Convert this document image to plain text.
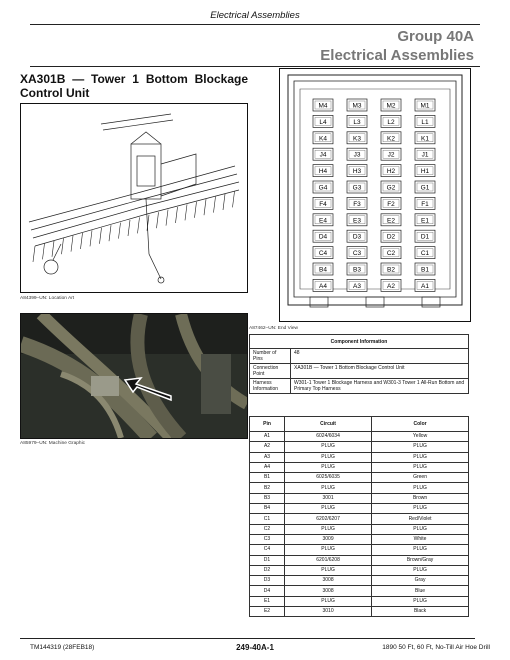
Electrical Assemblies
Group 40A
Electrical Assemblies
XA301B — Tower 1 Bottom Blockage Control Unit
A84399–UN: Location Art
A85979–UN: Machine Graphic
M4	M3	M2	M1
L4	L3	L2	L1
K4	K3	K2	K1
J4	J3	J2	J1
H4	H3	H2	H1
G4	G3	G2	G1
F4	F3	F2	F1
E4	E3	E2	E1
D4	D3	D2	D1
C4	C3	C2	C1
B4	B3	B2	B1
A4	A3	A2	A1
A87462–UN: End View
Component Information	
Number of Pins	48
Connection Point	XA301B — Tower 1 Bottom Blockage Control Unit
Harness Information	W301-1 Tower 1 Blockage Harness and W301-3 Tower 1 All-Run Bottom and Primary Top Harness
Pin	Circuit	Color
A1	6024/6034	Yellow
A2	PLUG	PLUG
A3	PLUG	PLUG
A4	PLUG	PLUG
B1	6025/6035	Green
B2	PLUG	PLUG
B3	3001	Brown
B4	PLUG	PLUG
C1	6202/6207	Red/Violet
C2	PLUG	PLUG
C3	3009	White
C4	PLUG	PLUG
D1	6201/6208	Brown/Gray
D2	PLUG	PLUG
D3	3008	Gray
D4	3008	Blue
E1	PLUG	PLUG
E2	3010	Black
TM144319 (28FEB18)	249-40A-1	1890 50 Ft, 60 Ft, No-Till Air Hoe Drill
